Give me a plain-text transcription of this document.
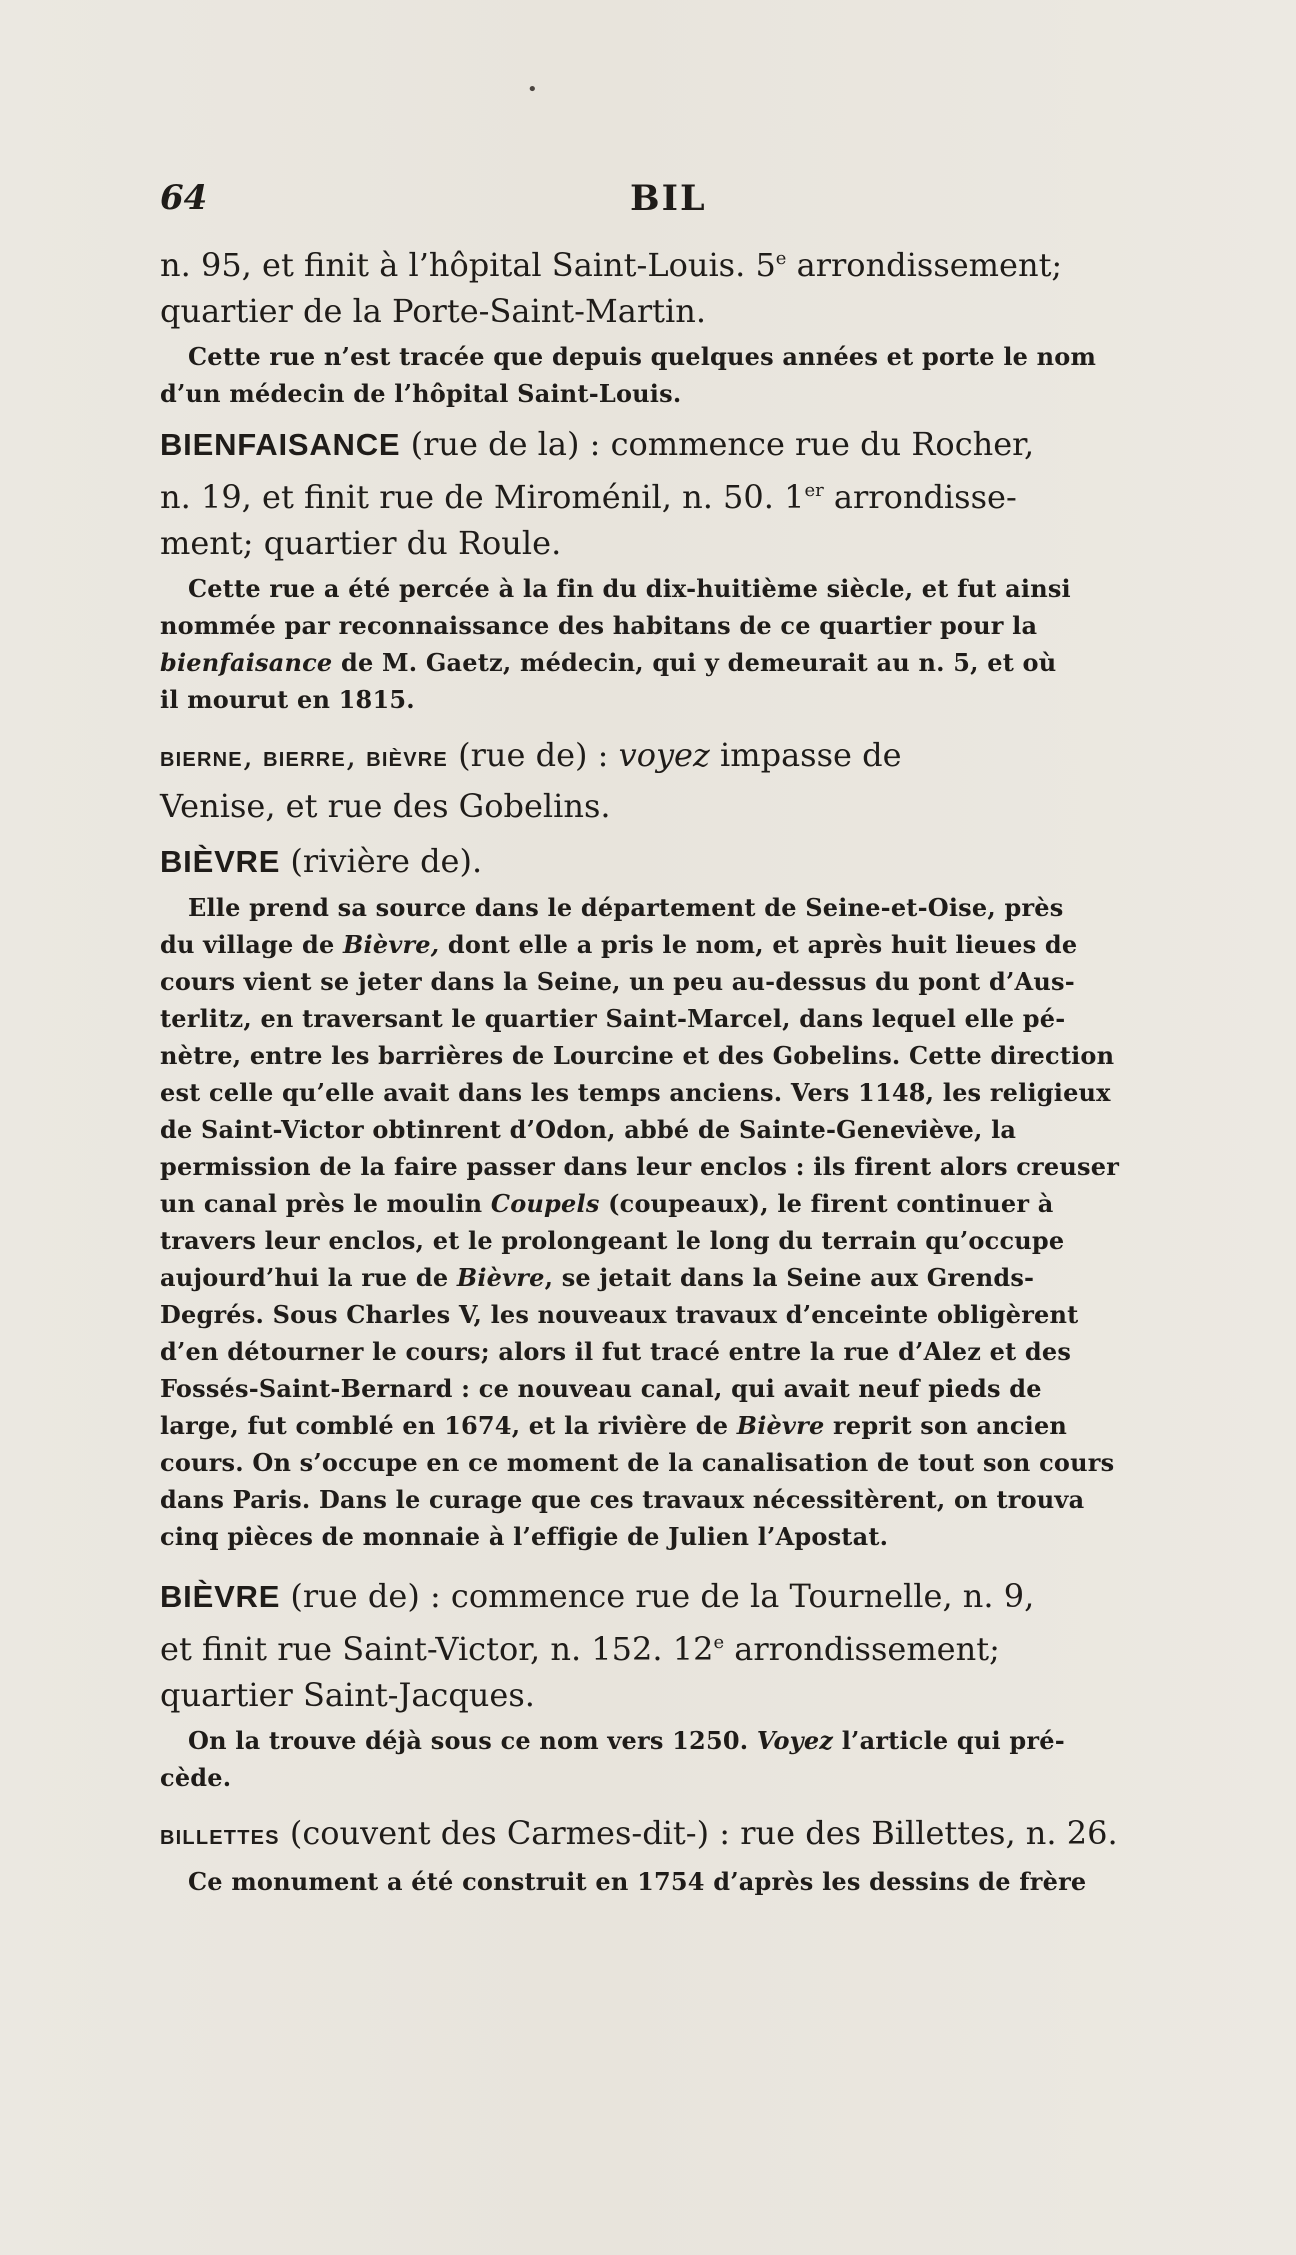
•
64	BIL

n. 95, et finit à l’hôpital Saint-Louis. 5e arrondissement;

quartier de la Porte-Saint-Martin.

Cette rue n’est tracée que depuis quelques années et porte le nom

d’un médecin de l’hôpital Saint-Louis.

BIENFAISANCE (rue de la) : commence rue du Rocher,

n. 19, et finit rue de Miroménil, n. 50. 1er arrondisse-

ment; quartier du Roule.

Cette rue a été percée à la fin du dix-huitième siècle, et fut ainsi

nommée par reconnaissance des habitans de ce quartier pour la

bienfaisance de M. Gaetz, médecin, qui y demeurait au n. 5, et où

il mourut en 1815.

BIERNE, BIERRE, BIÈVRE (rue de) : voyez impasse de

Venise, et rue des Gobelins.

BIÈVRE (rivière de).

Elle prend sa source dans le département de Seine-et-Oise, près

du village de Bièvre, dont elle a pris le nom, et après huit lieues de

cours vient se jeter dans la Seine, un peu au-dessus du pont d’Aus-

terlitz, en traversant le quartier Saint-Marcel, dans lequel elle pé-

nètre, entre les barrières de Lourcine et des Gobelins. Cette direction

est celle qu’elle avait dans les temps anciens. Vers 1148, les religieux

de Saint-Victor obtinrent d’Odon, abbé de Sainte-Geneviève, la

permission de la faire passer dans leur enclos : ils firent alors creuser

un canal près le moulin Coupels (coupeaux), le firent continuer à

travers leur enclos, et le prolongeant le long du terrain qu’occupe

aujourd’hui la rue de Bièvre, se jetait dans la Seine aux Grends-

Degrés. Sous Charles V, les nouveaux travaux d’enceinte obligèrent

d’en détourner le cours; alors il fut tracé entre la rue d’Alez et des

Fossés-Saint-Bernard : ce nouveau canal, qui avait neuf pieds de

large, fut comblé en 1674, et la rivière de Bièvre reprit son ancien

cours. On s’occupe en ce moment de la canalisation de tout son cours

dans Paris. Dans le curage que ces travaux nécessitèrent, on trouva

cinq pièces de monnaie à l’effigie de Julien l’Apostat.

BIÈVRE (rue de) : commence rue de la Tournelle, n. 9,

et finit rue Saint-Victor, n. 152. 12e arrondissement;

quartier Saint-Jacques.

On la trouve déjà sous ce nom vers 1250. Voyez l’article qui pré-

cède.

BILLETTES (couvent des Carmes-dit-) : rue des Billettes, n. 26.

Ce monument a été construit en 1754 d’après les dessins de frère
